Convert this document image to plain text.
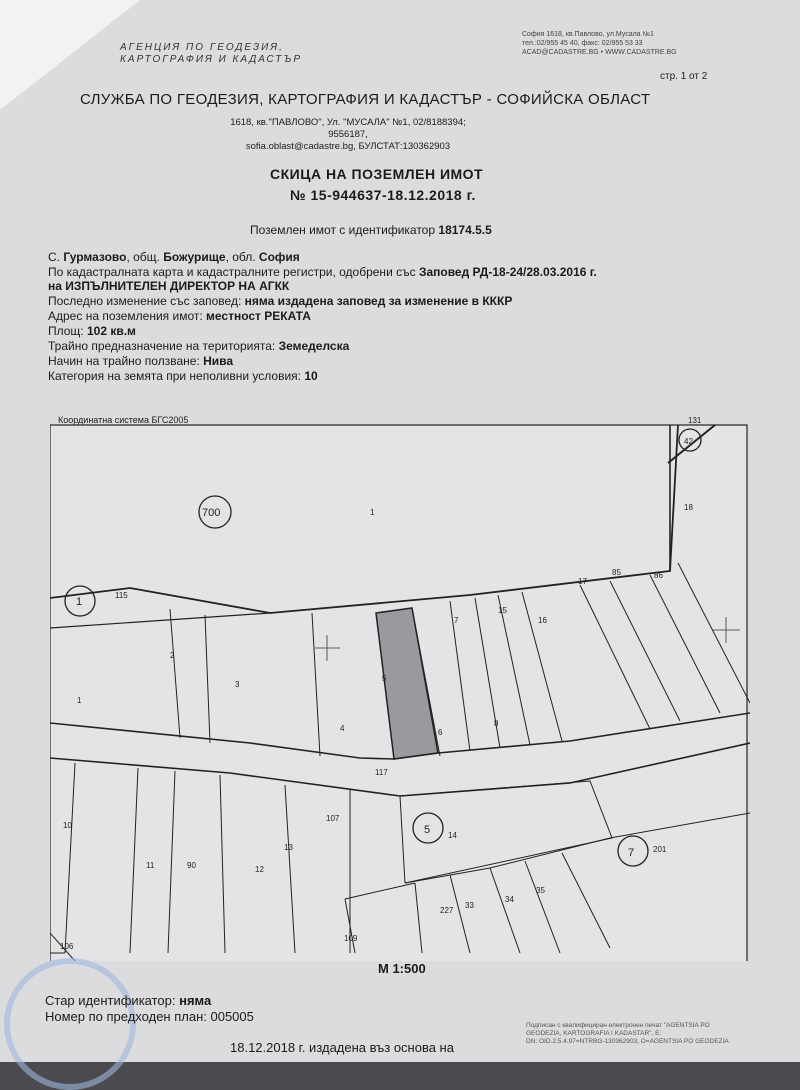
АГЕНЦИЯ ПО ГЕОДЕЗИЯ,
КАРТОГРАФИЯ И КАДАСТЪР
София 1618, кв.Павлово, ул.Мусала №1
тел.:02/955 45 40, факс: 02/955 53 33
ACAD@CADASTRE.BG • WWW.CADASTRE.BG
стр. 1 от 2
СЛУЖБА ПО ГЕОДЕЗИЯ, КАРТОГРАФИЯ И КАДАСТЪР - СОФИЙСКА ОБЛАСТ
1618, кв."ПАВЛОВО", Ул. "МУСАЛА" №1, 02/8188394; 9556187,
sofia.oblast@cadastre.bg, БУЛСТАТ:130362903
СКИЦА НА ПОЗЕМЛЕН ИМОТ
№ 15-944637-18.12.2018 г.
Поземлен имот с идентификатор 18174.5.5
С. Гурмазово, общ. Божурище, обл. София
По кадастралната карта и кадастралните регистри, одобрени със Заповед РД-18-24/28.03.2016 г.
на ИЗПЪЛНИТЕЛЕН ДИРЕКТОР НА АГКК
Последно изменение със заповед: няма издадена заповед за изменение в КККР
Адрес на поземления имот: местност РЕКАТА
Площ: 102 кв.м
Трайно предназначение на територията: Земеделска
Начин на трайно ползване: Нива
Категория на земята при неполивни условия: 10
Координатна система БГС2005
700	1
1
115
2
3
1
4
5
6
7
15
16
8
17
85	86
18
131
42
117
10
11	90	12
13
107
5 14
7 201
227
33
34
35
109
106
М 1:500
Стар идентификатор: няма
Номер по предходен план: 005005
18.12.2018 г. издадена въз основа на
Подписан с квалифициран електронен печат "AGENTSIA PO
GEODEZIA, KARTOGRAFIA I KADASTAR", E:
DN: OID.2.5.4.97=NTRBG-130362903, O=AGENTSIA PO GEODEZIA
